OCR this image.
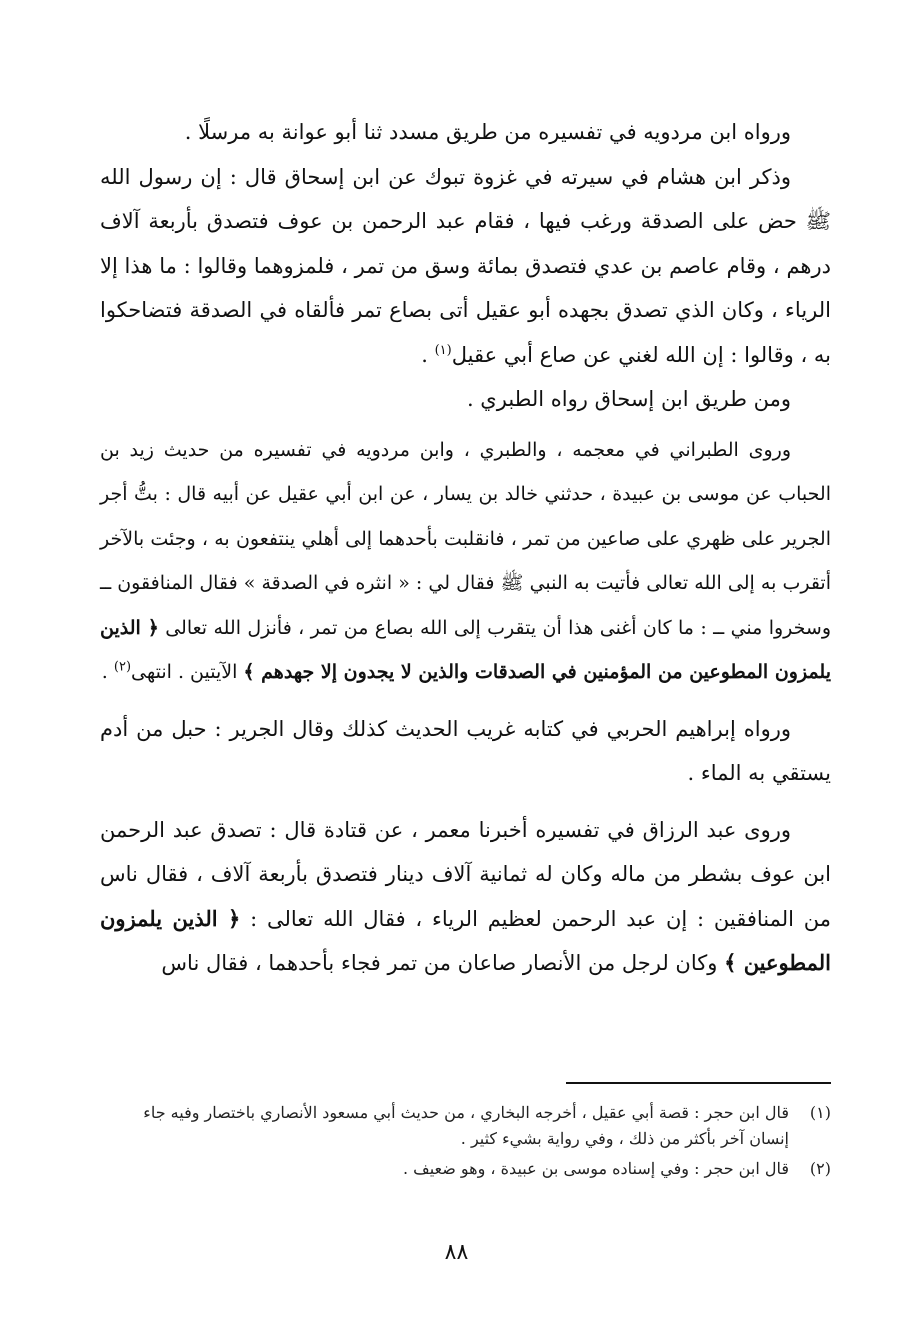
ورواه ابن مردويه في تفسيره من طريق مسدد ثنا أبو عوانة به مرسلًا .

وذكر ابن هشام في سيرته في غزوة تبوك عن ابن إسحاق قال : إن رسول الله ﷺ حض على الصدقة ورغب فيها ، فقام عبد الرحمن بن عوف فتصدق بأربعة آلاف درهم ، وقام عاصم بن عدي فتصدق بمائة وسق من تمر ، فلمزوهما وقالوا : ما هذا إلا الرياء ، وكان الذي تصدق بجهده أبو عقيل أتى بصاع تمر فألقاه في الصدقة فتضاحكوا به ، وقالوا : إن الله لغني عن صاع أبي عقيل$^{(١)}$ .

ومن طريق ابن إسحاق رواه الطبري .

وروى الطبراني في معجمه ، والطبري ، وابن مردويه في تفسيره من حديث زيد بن الحباب عن موسى بن عبيدة ، حدثني خالد بن يسار ، عن ابن أبي عقيل عن أبيه قال : بتُّ أجر الجرير على ظهري على صاعين من تمر ، فانقلبت بأحدهما إلى أهلي ينتفعون به ، وجئت بالآخر أتقرب به إلى الله تعالى فأتيت به النبي ﷺ فقال لي : « انثره في الصدقة » فقال المنافقون ــ وسخروا مني ــ : ما كان أغنى هذا أن يتقرب إلى الله بصاع من تمر ، فأنزل الله تعالى ﴿ الذين يلمزون المطوعين من المؤمنين في الصدقات والذين لا يجدون إلا جهدهم ﴾ الآيتين . انتهى$^{(٢)}$ .

ورواه إبراهيم الحربي في كتابه غريب الحديث كذلك وقال الجرير : حبل من أدم يستقي به الماء .

وروى عبد الرزاق في تفسيره أخبرنا معمر ، عن قتادة قال : تصدق عبد الرحمن ابن عوف بشطر من ماله وكان له ثمانية آلاف دينار فتصدق بأربعة آلاف ، فقال ناس من المنافقين : إن عبد الرحمن لعظيم الرياء ، فقال الله تعالى : ﴿ الذين يلمزون المطوعين ﴾ وكان لرجل من الأنصار صاعان من تمر فجاء بأحدهما ، فقال ناس

(١)
قال ابن حجر : قصة أبي عقيل ، أخرجه البخاري ، من حديث أبي مسعود الأنصاري باختصار وفيه جاء إنسان آخر بأكثر من ذلك ، وفي رواية بشيء كثير .
(٢)
قال ابن حجر : وفي إسناده موسى بن عبيدة ، وهو ضعيف .
٨٨
